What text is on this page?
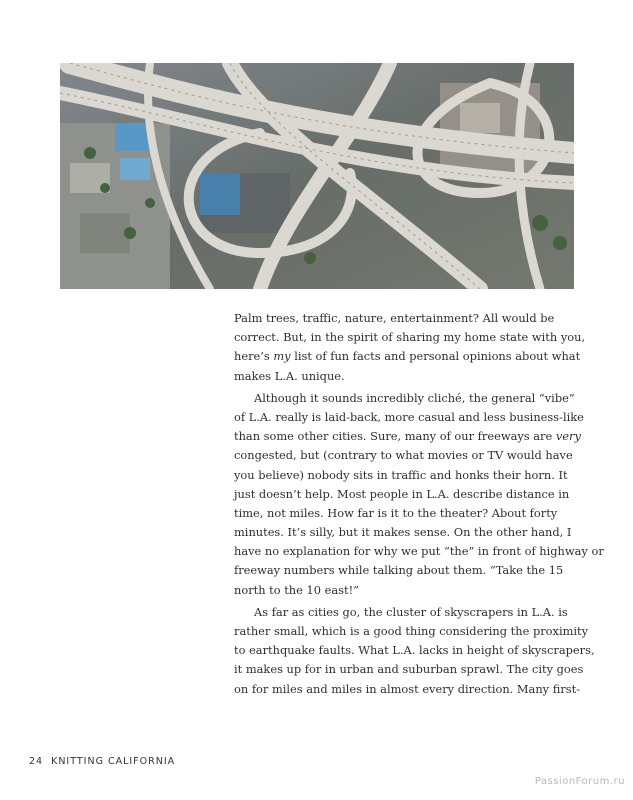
Palm trees, traffic, nature, entertainment? All would be
correct. But, in the spirit of sharing my home state with you,
here’s my list of fun facts and personal opinions about what
makes L.A. unique.
Although it sounds incredibly cliché, the general “vibe”
of L.A. really is laid-back, more casual and less business-like
than some other cities. Sure, many of our freeways are very
congested, but (contrary to what movies or TV would have
you believe) nobody sits in traffic and honks their horn. It
just doesn’t help. Most people in L.A. describe distance in
time, not miles. How far is it to the theater? About forty
minutes. It’s silly, but it makes sense. On the other hand, I
have no explanation for why we put “the” in front of highway or
freeway numbers while talking about them. “Take the 15
north to the 10 east!”
As far as cities go, the cluster of skyscrapers in L.A. is
rather small, which is a good thing considering the proximity
to earthquake faults. What L.A. lacks in height of skyscrapers,
it makes up for in urban and suburban sprawl. The city goes
on for miles and miles in almost every direction. Many first-
24 KNITTING CALIFORNIA
PassionForum.ru
